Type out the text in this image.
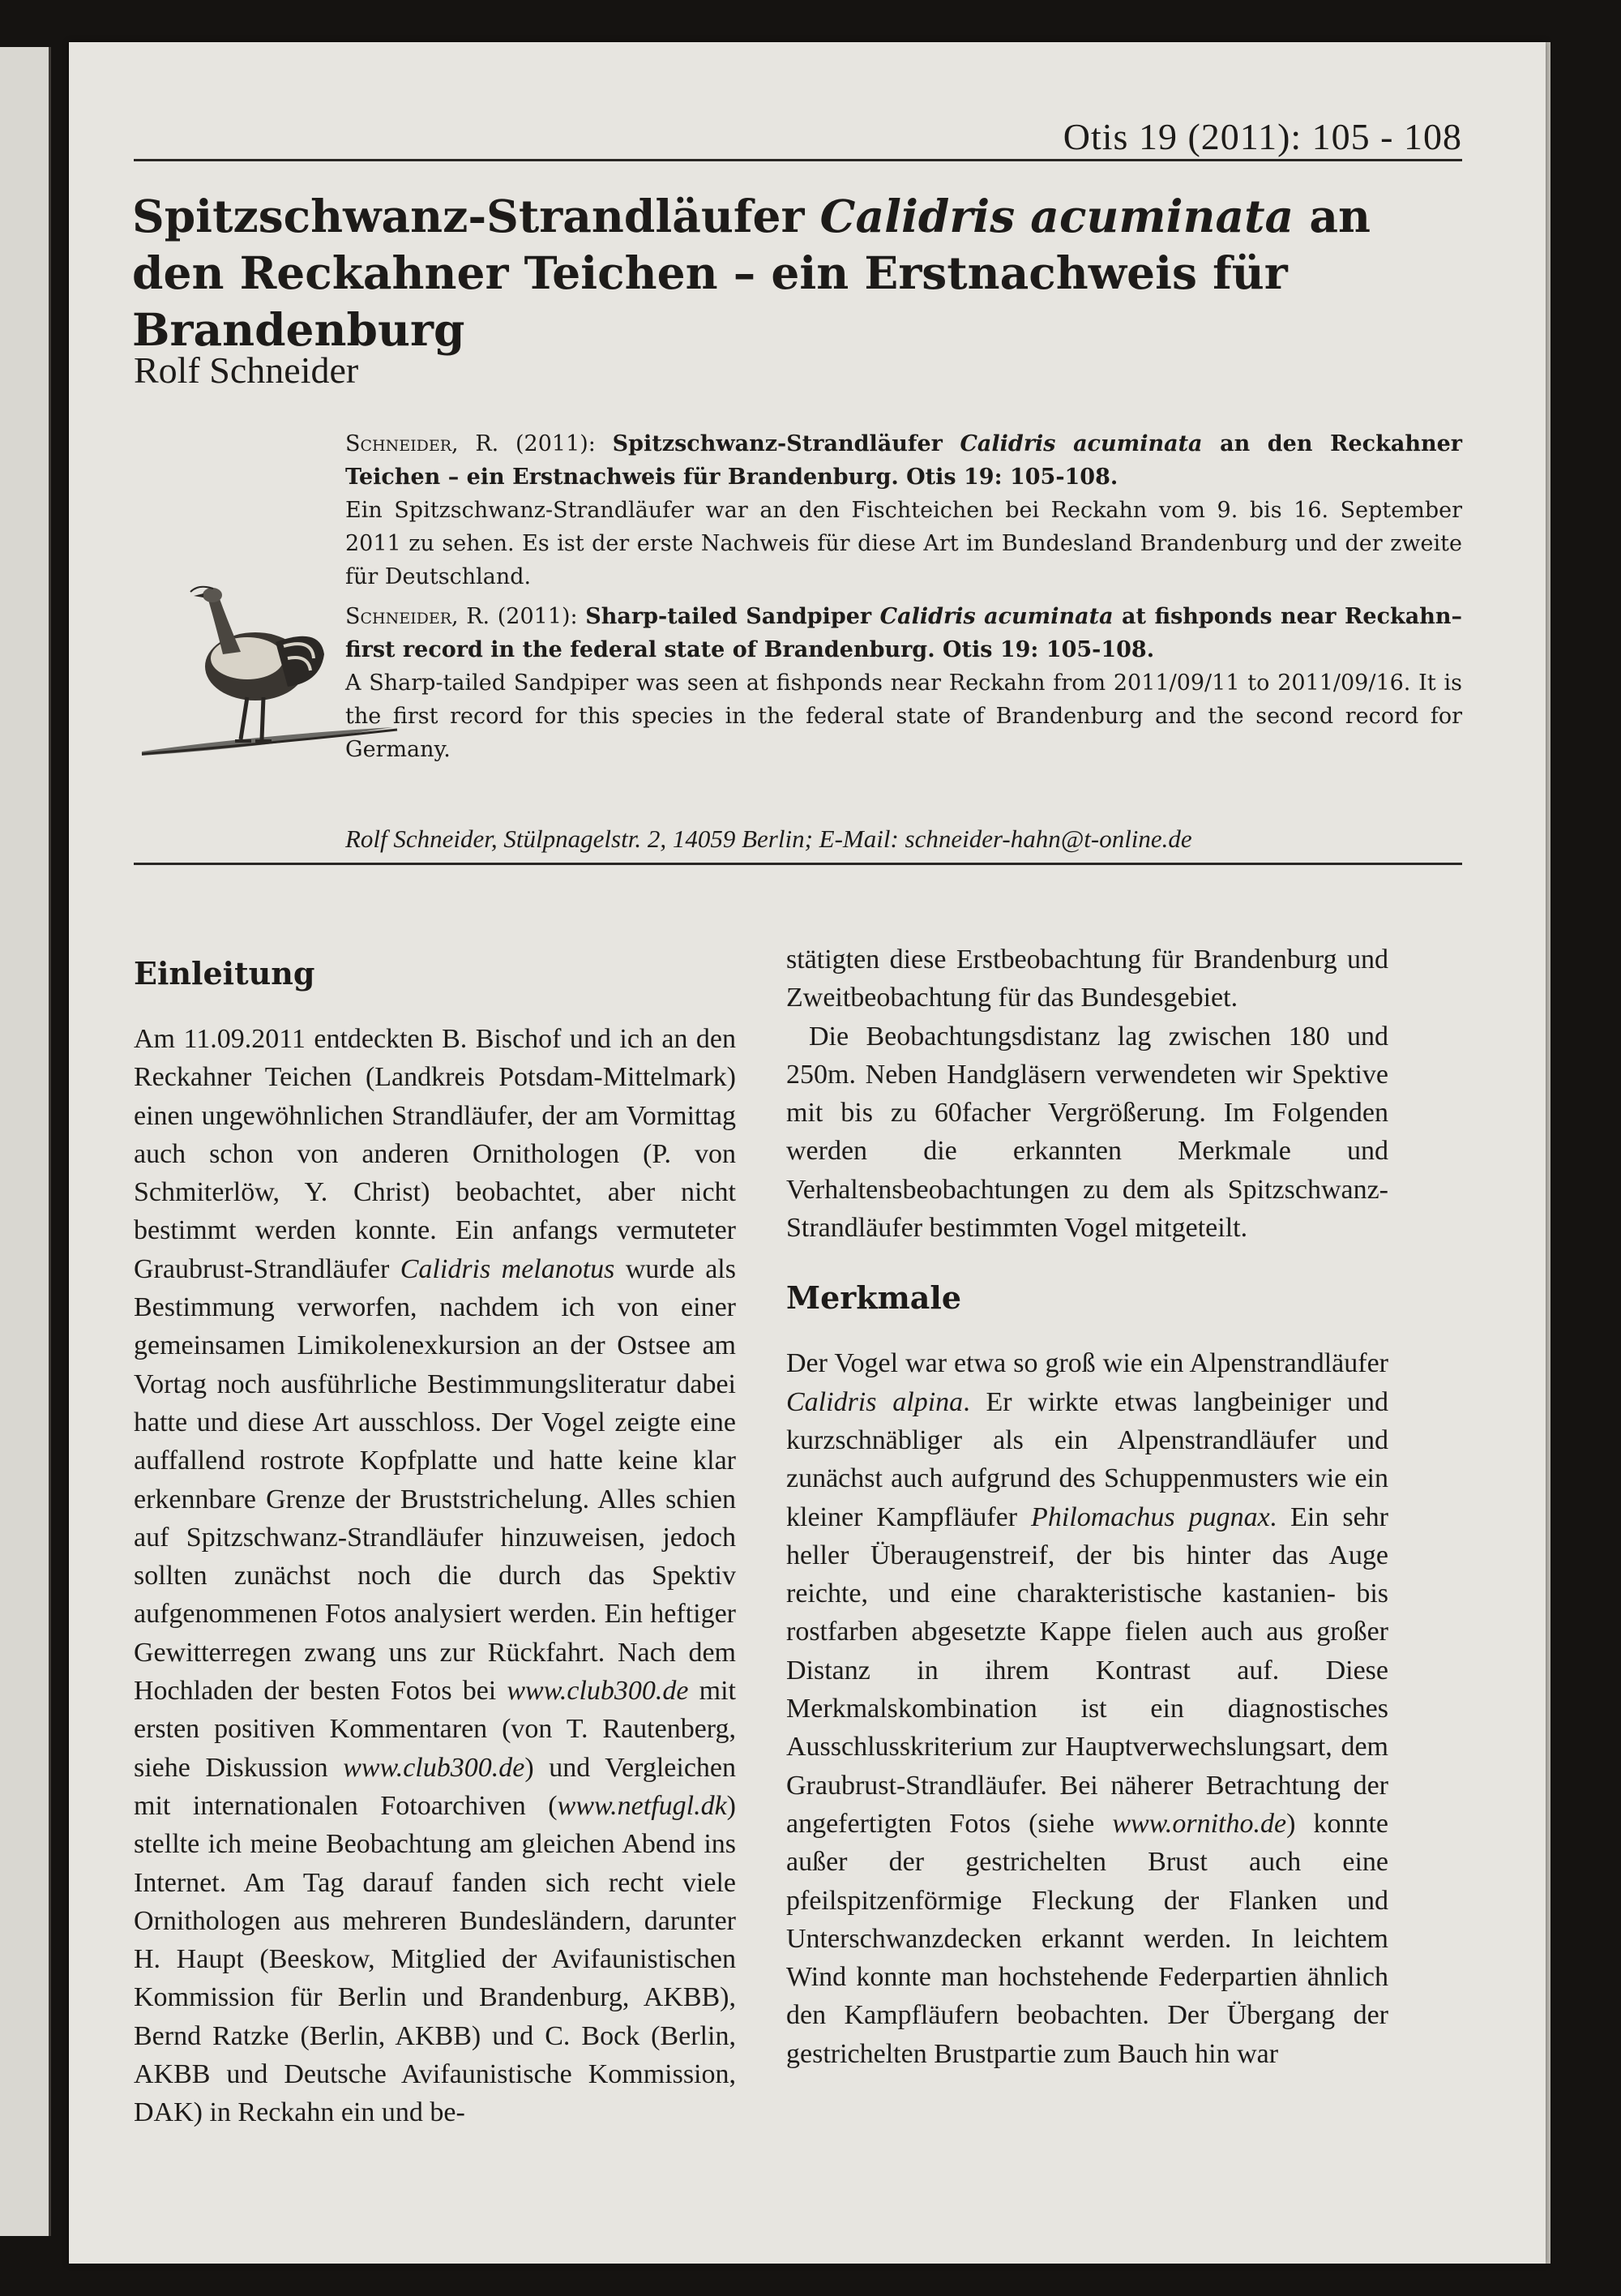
Otis 19 (2011): 105 - 108
Spitzschwanz-Strandläufer Calidris acuminata an den Reckahner Teichen – ein Erstnachweis für Brandenburg
Rolf Schneider

Schneider, R. (2011): Spitzschwanz-Strandläufer Calidris acuminata an den Reckahner Teichen – ein Erstnachweis für Brandenburg. Otis 19: 105-108.
Ein Spitzschwanz-Strandläufer war an den Fischteichen bei Reckahn vom 9. bis 16. September 2011 zu sehen. Es ist der erste Nachweis für diese Art im Bundesland Brandenburg und der zweite für Deutschland.

Schneider, R. (2011): Sharp-tailed Sandpiper Calidris acuminata at fishponds near Reckahn– first record in the federal state of Brandenburg. Otis 19: 105-108.
A Sharp-tailed Sandpiper was seen at fishponds near Reckahn from 2011/09/11 to 2011/09/16. It is the first record for this species in the federal state of Brandenburg and the second record for Germany.

Rolf Schneider, Stülpnagelstr. 2, 14059 Berlin; E-Mail: schneider-hahn@t-online.de
Einleitung

Am 11.09.2011 entdeckten B. Bischof und ich an den Reckahner Teichen (Landkreis Potsdam-Mittelmark) einen ungewöhnlichen Strandläufer, der am Vormittag auch schon von anderen Ornithologen (P. von Schmiterlöw, Y. Christ) beobachtet, aber nicht bestimmt werden konnte. Ein anfangs vermuteter Graubrust-Strandläufer Calidris melanotus wurde als Bestimmung verworfen, nachdem ich von einer gemeinsamen Limikolenexkursion an der Ostsee am Vortag noch ausführliche Bestimmungsliteratur dabei hatte und diese Art ausschloss. Der Vogel zeigte eine auffallend rostrote Kopfplatte und hatte keine klar erkennbare Grenze der Bruststrichelung. Alles schien auf Spitzschwanz-Strandläufer hinzuweisen, jedoch sollten zunächst noch die durch das Spektiv aufgenommenen Fotos analysiert werden. Ein heftiger Gewitterregen zwang uns zur Rückfahrt. Nach dem Hochladen der besten Fotos bei www.club300.de mit ersten positiven Kommentaren (von T. Rautenberg, siehe Diskussion www.club300.de) und Vergleichen mit internationalen Fotoarchiven (www.netfugl.dk) stellte ich meine Beobachtung am gleichen Abend ins Internet. Am Tag darauf fanden sich recht viele Ornithologen aus mehreren Bundesländern, darunter H. Haupt (Beeskow, Mitglied der Avifaunistischen Kommission für Berlin und Brandenburg, AKBB), Bernd Ratzke (Berlin, AKBB) und C. Bock (Berlin, AKBB und Deutsche Avifaunistische Kommission, DAK) in Reckahn ein und be-

stätigten diese Erstbeobachtung für Brandenburg und Zweitbeobachtung für das Bundesgebiet.

Die Beobachtungsdistanz lag zwischen 180 und 250m. Neben Handgläsern verwendeten wir Spektive mit bis zu 60facher Vergrößerung. Im Folgenden werden die erkannten Merkmale und Verhaltensbeobachtungen zu dem als Spitzschwanz-Strandläufer bestimmten Vogel mitgeteilt.

Merkmale

Der Vogel war etwa so groß wie ein Alpenstrandläufer Calidris alpina. Er wirkte etwas langbeiniger und kurzschnäbliger als ein Alpenstrandläufer und zunächst auch aufgrund des Schuppenmusters wie ein kleiner Kampfläufer Philomachus pugnax. Ein sehr heller Überaugenstreif, der bis hinter das Auge reichte, und eine charakteristische kastanien- bis rostfarben abgesetzte Kappe fielen auch aus großer Distanz in ihrem Kontrast auf. Diese Merkmalskombination ist ein diagnostisches Ausschlusskriterium zur Hauptverwechslungsart, dem Graubrust-Strandläufer. Bei näherer Betrachtung der angefertigten Fotos (siehe www.ornitho.de) konnte außer der gestrichelten Brust auch eine pfeilspitzenförmige Fleckung der Flanken und Unterschwanzdecken erkannt werden. In leichtem Wind konnte man hochstehende Federpartien ähnlich den Kampfläufern beobachten. Der Übergang der gestrichelten Brustpartie zum Bauch hin war
